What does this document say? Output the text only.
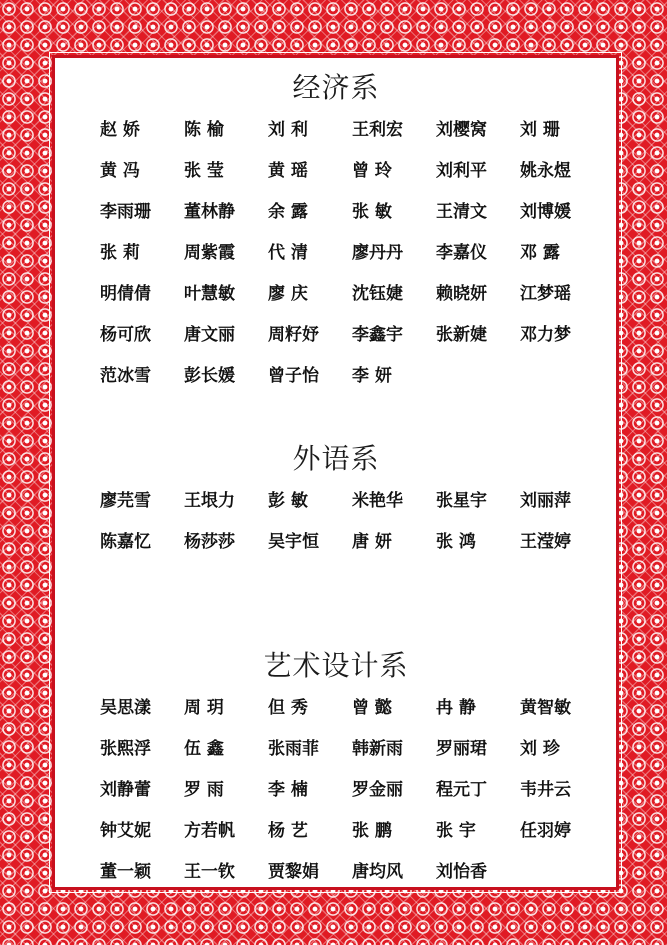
经济系
赵 娇	陈 榆	刘 利	王利宏	刘樱窝	刘 珊
黄 冯	张 莹	黄 瑶	曾 玲	刘利平	姚永煜
李雨珊	董林静	余 露	张 敏	王清文	刘博媛
张 莉	周紫霞	代 清	廖丹丹	李嘉仪	邓 露
明倩倩	叶慧敏	廖 庆	沈钰婕	赖晓妍	江梦瑶
杨可欣	唐文丽	周籽妤	李鑫宇	张新婕	邓力梦
范冰雪	彭长媛	曾子怡	李 妍
外语系
廖芫雪	王垠力	彭 敏	米艳华	张星宇	刘丽萍
陈嘉忆	杨莎莎	吴宇恒	唐 妍	张 鸿	王滢婷
艺术设计系
吴思漾	周 玥	但 秀	曾 懿	冉 静	黄智敏
张熙浮	伍 鑫	张雨菲	韩新雨	罗丽珺	刘 珍
刘静蕾	罗 雨	李 楠	罗金丽	程元丁	韦井云
钟艾妮	方若帆	杨 艺	张 鹏	张 宇	任羽婷
董一颖	王一钦	贾黎娟	唐均风	刘怡香
